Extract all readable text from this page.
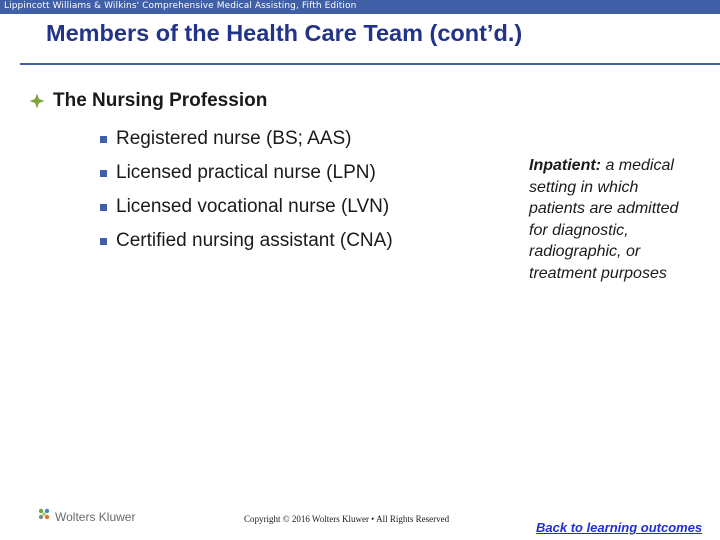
Lippincott Williams & Wilkins' Comprehensive Medical Assisting, Fifth Edition
Members of the Health Care Team (cont’d.)
The Nursing Profession
Registered nurse (BS; AAS)
Licensed practical nurse (LPN)
Licensed vocational nurse (LVN)
Certified nursing assistant (CNA)
Inpatient: a medical setting in which patients are admitted for diagnostic, radiographic, or treatment purposes
Wolters Kluwer	Copyright © 2016 Wolters Kluwer • All Rights Reserved
Back to learning outcomes
